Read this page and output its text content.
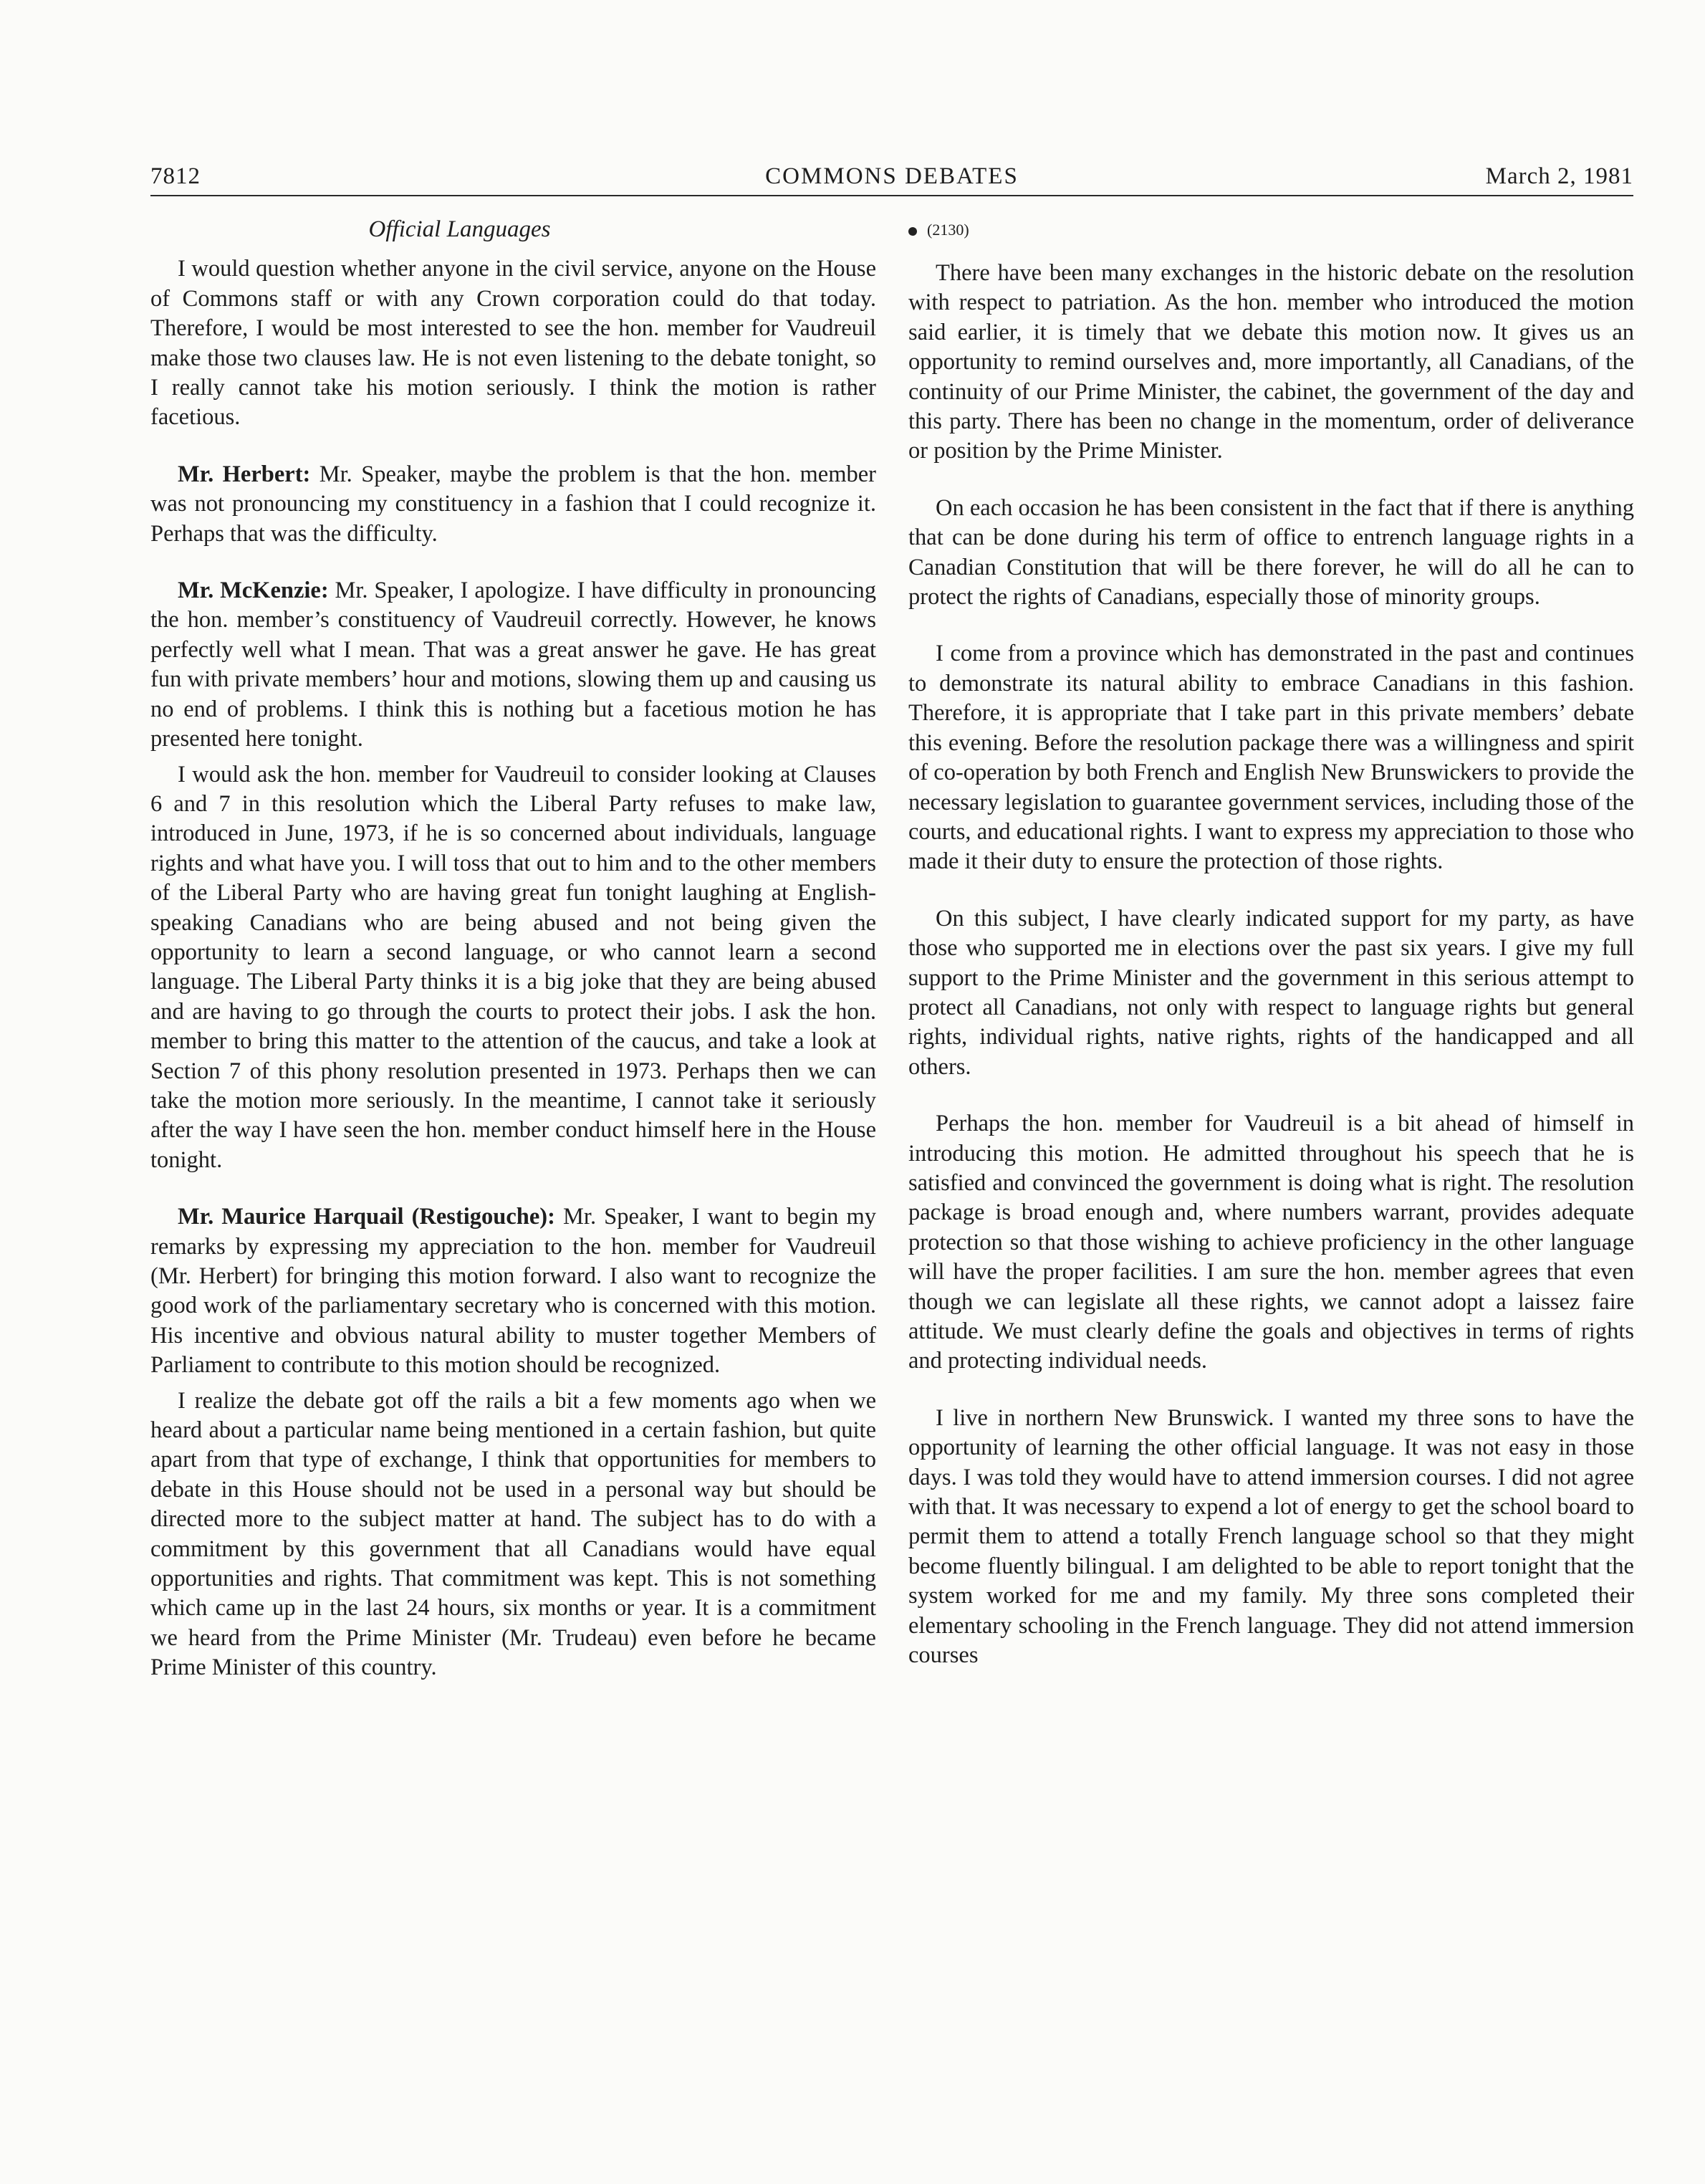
7812	COMMONS DEBATES	March 2, 1981
Official Languages

I would question whether anyone in the civil service, anyone on the House of Commons staff or with any Crown corporation could do that today. Therefore, I would be most interested to see the hon. member for Vaudreuil make those two clauses law. He is not even listening to the debate tonight, so I really cannot take his motion seriously. I think the motion is rather facetious.

Mr. Herbert: Mr. Speaker, maybe the problem is that the hon. member was not pronouncing my constituency in a fashion that I could recognize it. Perhaps that was the difficulty.

Mr. McKenzie: Mr. Speaker, I apologize. I have difficulty in pronouncing the hon. member’s constituency of Vaudreuil correctly. However, he knows perfectly well what I mean. That was a great answer he gave. He has great fun with private members’ hour and motions, slowing them up and causing us no end of problems. I think this is nothing but a facetious motion he has presented here tonight.

I would ask the hon. member for Vaudreuil to consider looking at Clauses 6 and 7 in this resolution which the Liberal Party refuses to make law, introduced in June, 1973, if he is so concerned about individuals, language rights and what have you. I will toss that out to him and to the other members of the Liberal Party who are having great fun tonight laughing at English-speaking Canadians who are being abused and not being given the opportunity to learn a second language, or who cannot learn a second language. The Liberal Party thinks it is a big joke that they are being abused and are having to go through the courts to protect their jobs. I ask the hon. member to bring this matter to the attention of the caucus, and take a look at Section 7 of this phony resolution presented in 1973. Perhaps then we can take the motion more seriously. In the meantime, I cannot take it seriously after the way I have seen the hon. member conduct himself here in the House tonight.

Mr. Maurice Harquail (Restigouche): Mr. Speaker, I want to begin my remarks by expressing my appreciation to the hon. member for Vaudreuil (Mr. Herbert) for bringing this motion forward. I also want to recognize the good work of the parliamentary secretary who is concerned with this motion. His incentive and obvious natural ability to muster together Members of Parliament to contribute to this motion should be recognized.

I realize the debate got off the rails a bit a few moments ago when we heard about a particular name being mentioned in a certain fashion, but quite apart from that type of exchange, I think that opportunities for members to debate in this House should not be used in a personal way but should be directed more to the subject matter at hand. The subject has to do with a commitment by this government that all Canadians would have equal opportunities and rights. That commitment was kept. This is not something which came up in the last 24 hours, six months or year. It is a commitment we heard from the Prime Minister (Mr. Trudeau) even before he became Prime Minister of this country.

(2130)

There have been many exchanges in the historic debate on the resolution with respect to patriation. As the hon. member who introduced the motion said earlier, it is timely that we debate this motion now. It gives us an opportunity to remind ourselves and, more importantly, all Canadians, of the continuity of our Prime Minister, the cabinet, the government of the day and this party. There has been no change in the momentum, order of deliverance or position by the Prime Minister.

On each occasion he has been consistent in the fact that if there is anything that can be done during his term of office to entrench language rights in a Canadian Constitution that will be there forever, he will do all he can to protect the rights of Canadians, especially those of minority groups.

I come from a province which has demonstrated in the past and continues to demonstrate its natural ability to embrace Canadians in this fashion. Therefore, it is appropriate that I take part in this private members’ debate this evening. Before the resolution package there was a willingness and spirit of co-operation by both French and English New Brunswickers to provide the necessary legislation to guarantee government services, including those of the courts, and educational rights. I want to express my appreciation to those who made it their duty to ensure the protection of those rights.

On this subject, I have clearly indicated support for my party, as have those who supported me in elections over the past six years. I give my full support to the Prime Minister and the government in this serious attempt to protect all Canadians, not only with respect to language rights but general rights, individual rights, native rights, rights of the handicapped and all others.

Perhaps the hon. member for Vaudreuil is a bit ahead of himself in introducing this motion. He admitted throughout his speech that he is satisfied and convinced the government is doing what is right. The resolution package is broad enough and, where numbers warrant, provides adequate protection so that those wishing to achieve proficiency in the other language will have the proper facilities. I am sure the hon. member agrees that even though we can legislate all these rights, we cannot adopt a laissez faire attitude. We must clearly define the goals and objectives in terms of rights and protecting individual needs.

I live in northern New Brunswick. I wanted my three sons to have the opportunity of learning the other official language. It was not easy in those days. I was told they would have to attend immersion courses. I did not agree with that. It was necessary to expend a lot of energy to get the school board to permit them to attend a totally French language school so that they might become fluently bilingual. I am delighted to be able to report tonight that the system worked for me and my family. My three sons completed their elementary schooling in the French language. They did not attend immersion courses
